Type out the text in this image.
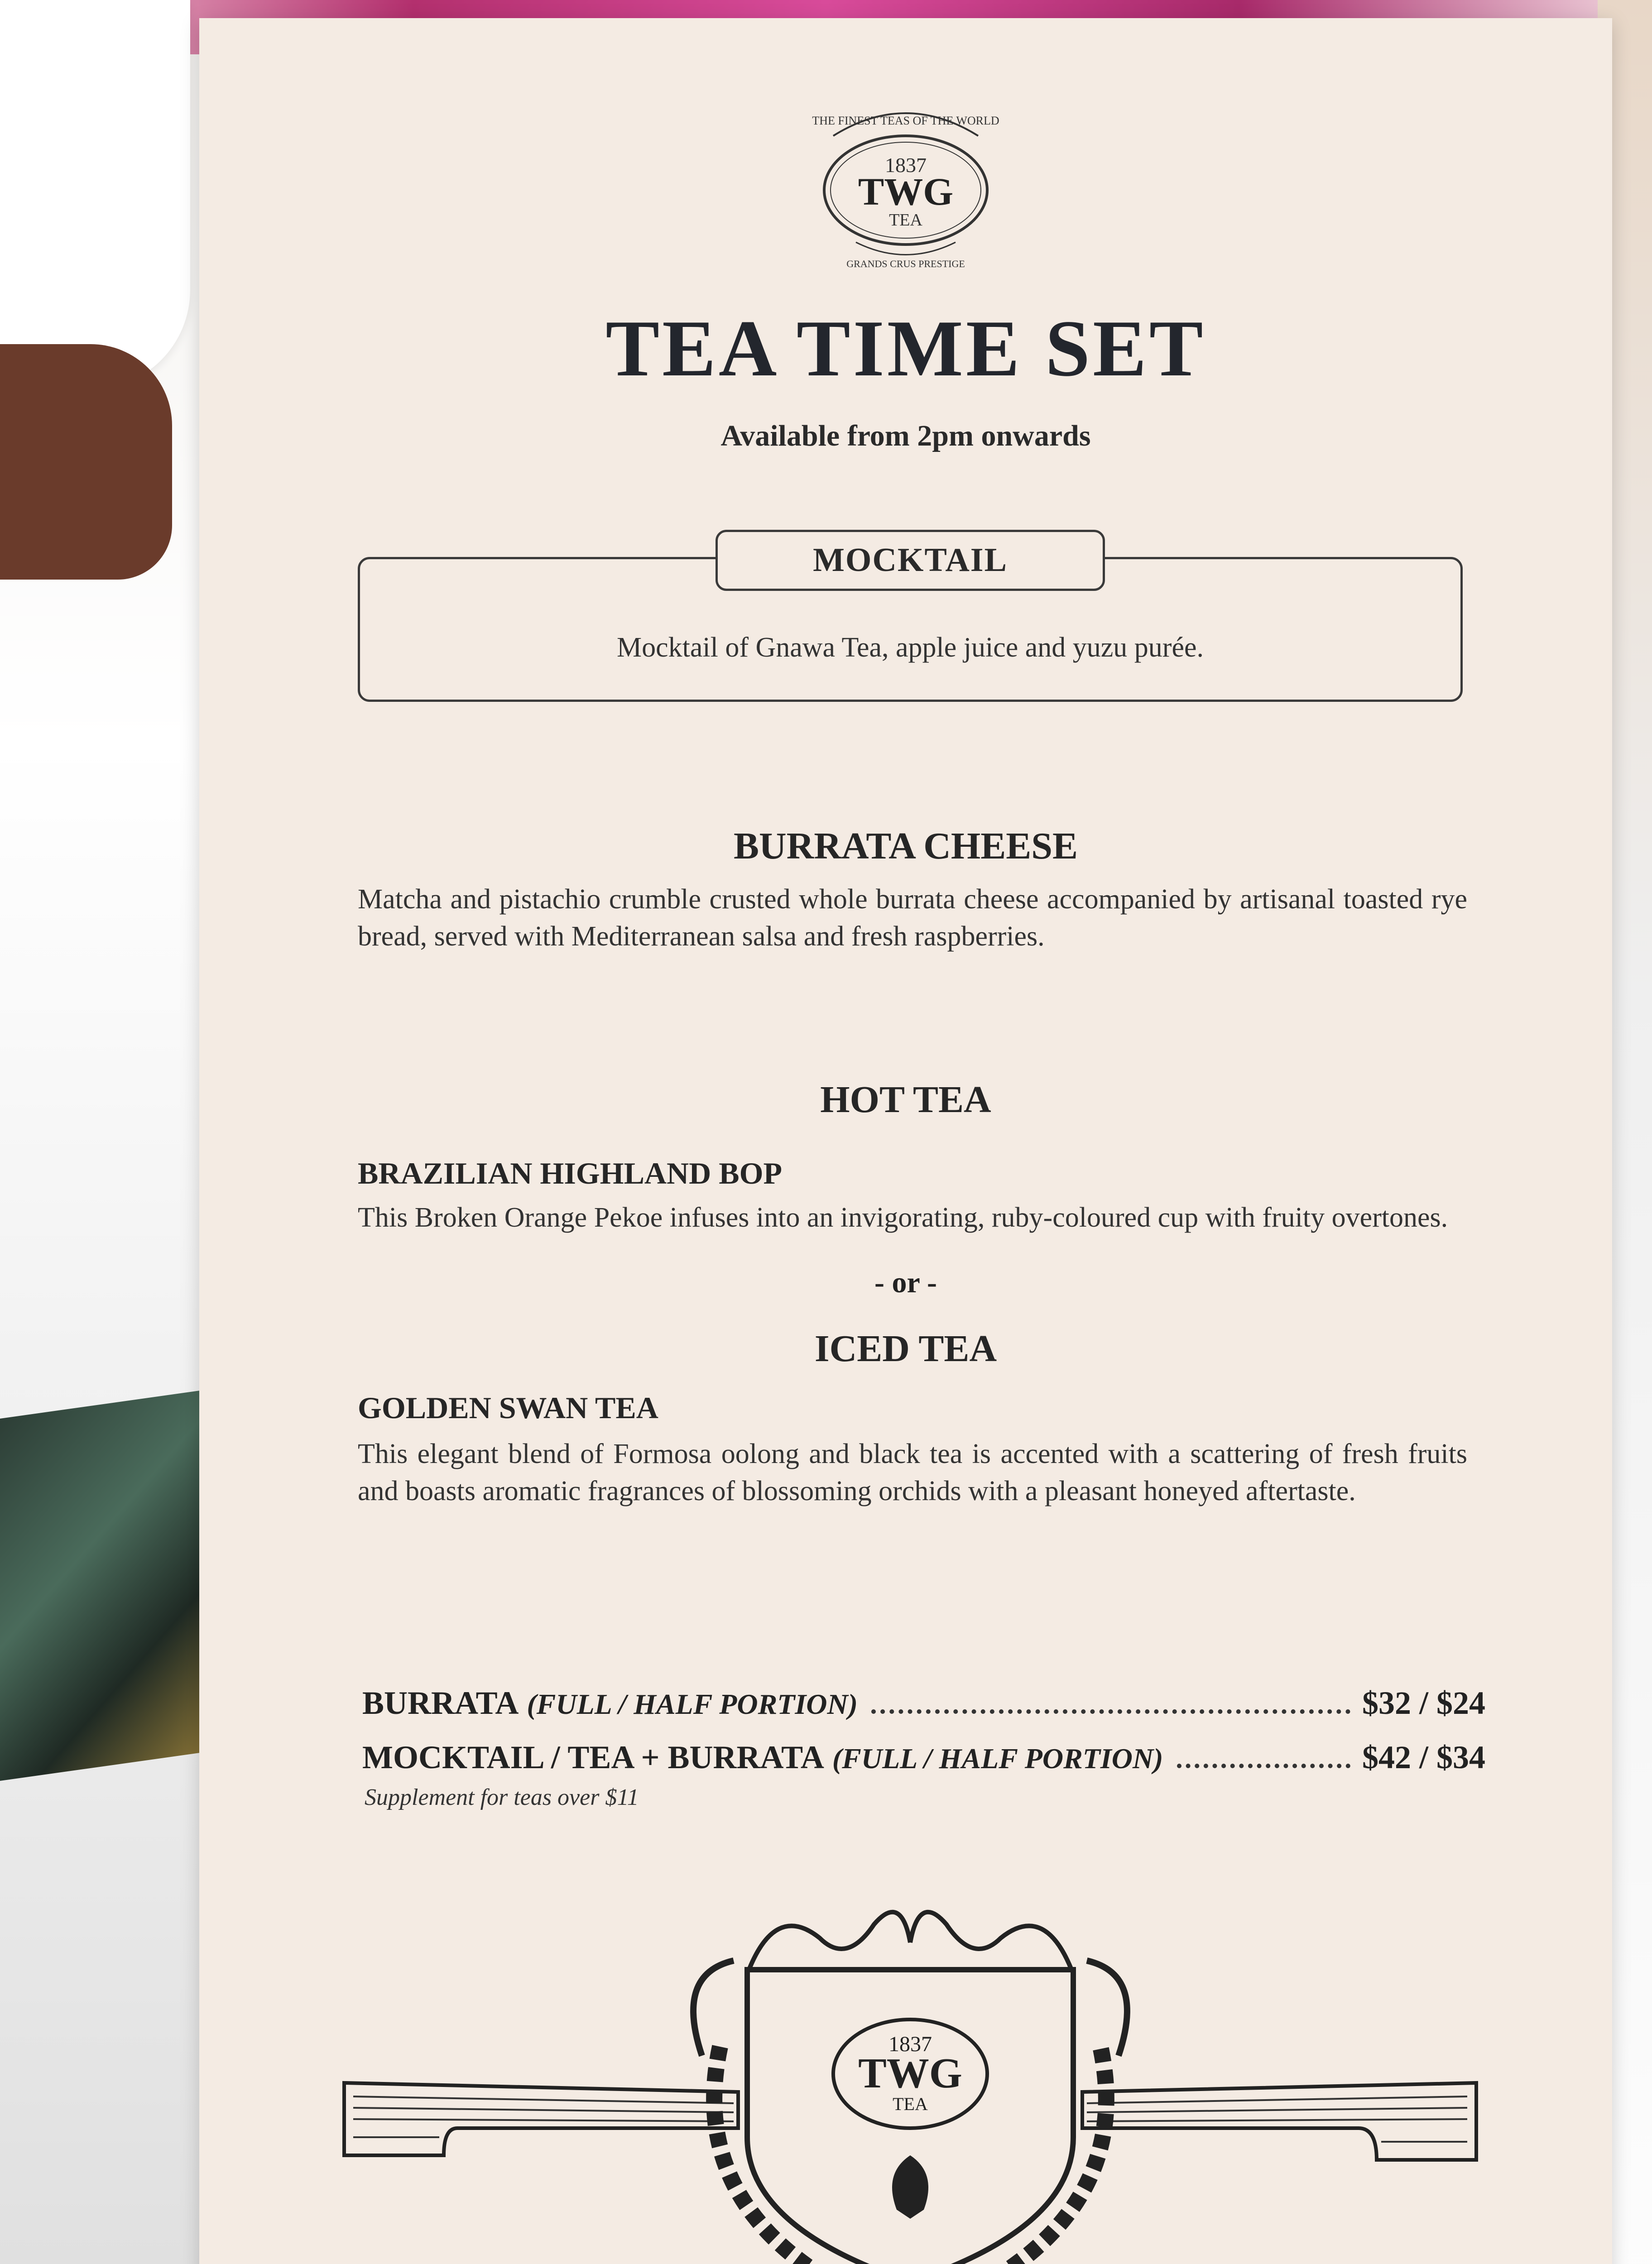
THE FINEST TEAS OF THE WORLD
1837
TWG
TEA
GRANDS CRUS PRESTIGE
TEA TIME SET
Available from 2pm onwards
MOCKTAIL
Mocktail of Gnawa Tea, apple juice and yuzu purée.
BURRATA CHEESE
Matcha and pistachio crumble crusted whole burrata cheese accompanied by artisanal toasted rye bread, served with Mediterranean salsa and fresh raspberries.
HOT TEA
BRAZILIAN HIGHLAND BOP
This Broken Orange Pekoe infuses into an invigorating, ruby-coloured cup with fruity overtones.
- or -
ICED TEA
GOLDEN SWAN TEA
This elegant blend of Formosa oolong and black tea is accented with a scattering of fresh fruits and boasts aromatic fragrances of blossoming orchids with a pleasant honeyed aftertaste.
BURRATA (FULL / HALF PORTION)	$32 / $24
MOCKTAIL / TEA + BURRATA (FULL / HALF PORTION)	$42 / $34
Supplement for teas over $11
1837
TWG
TEA
